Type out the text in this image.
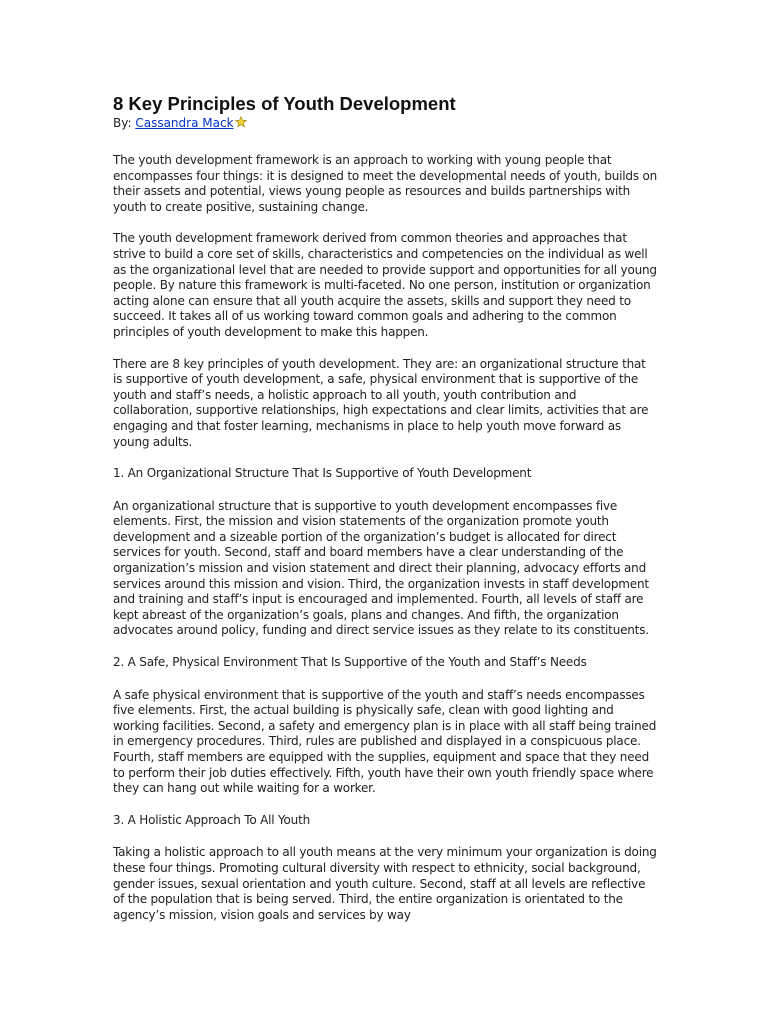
8 Key Principles of Youth Development
By: Cassandra Mack

The youth development framework is an approach to working with young people that encompasses four things: it is designed to meet the developmental needs of youth, builds on their assets and potential, views young people as resources and builds partnerships with youth to create positive, sustaining change.

The youth development framework derived from common theories and approaches that strive to build a core set of skills, characteristics and competencies on the individual as well as the organizational level that are needed to provide support and opportunities for all young people. By nature this framework is multi-faceted. No one person, institution or organization acting alone can ensure that all youth acquire the assets, skills and support they need to succeed. It takes all of us working toward common goals and adhering to the common principles of youth development to make this happen.

There are 8 key principles of youth development. They are: an organizational structure that is supportive of youth development, a safe, physical environment that is supportive of the youth and staff’s needs, a holistic approach to all youth, youth contribution and collaboration, supportive relationships, high expectations and clear limits, activities that are engaging and that foster learning, mechanisms in place to help youth move forward as young adults.

1. An Organizational Structure That Is Supportive of Youth Development

An organizational structure that is supportive to youth development encompasses five elements. First, the mission and vision statements of the organization promote youth development and a sizeable portion of the organization’s budget is allocated for direct services for youth. Second, staff and board members have a clear understanding of the organization’s mission and vision statement and direct their planning, advocacy efforts and services around this mission and vision. Third, the organization invests in staff development and training and staff’s input is encouraged and implemented. Fourth, all levels of staff are kept abreast of the organization’s goals, plans and changes. And fifth, the organization advocates around policy, funding and direct service issues as they relate to its constituents.

2. A Safe, Physical Environment That Is Supportive of the Youth and Staff’s Needs

A safe physical environment that is supportive of the youth and staff’s needs encompasses five elements. First, the actual building is physically safe, clean with good lighting and working facilities. Second, a safety and emergency plan is in place with all staff being trained in emergency procedures. Third, rules are published and displayed in a conspicuous place. Fourth, staff members are equipped with the supplies, equipment and space that they need to perform their job duties effectively. Fifth, youth have their own youth friendly space where they can hang out while waiting for a worker.

3. A Holistic Approach To All Youth

Taking a holistic approach to all youth means at the very minimum your organization is doing these four things. Promoting cultural diversity with respect to ethnicity, social background, gender issues, sexual orientation and youth culture. Second, staff at all levels are reflective of the population that is being served. Third, the entire organization is orientated to the agency’s mission, vision goals and services by way
